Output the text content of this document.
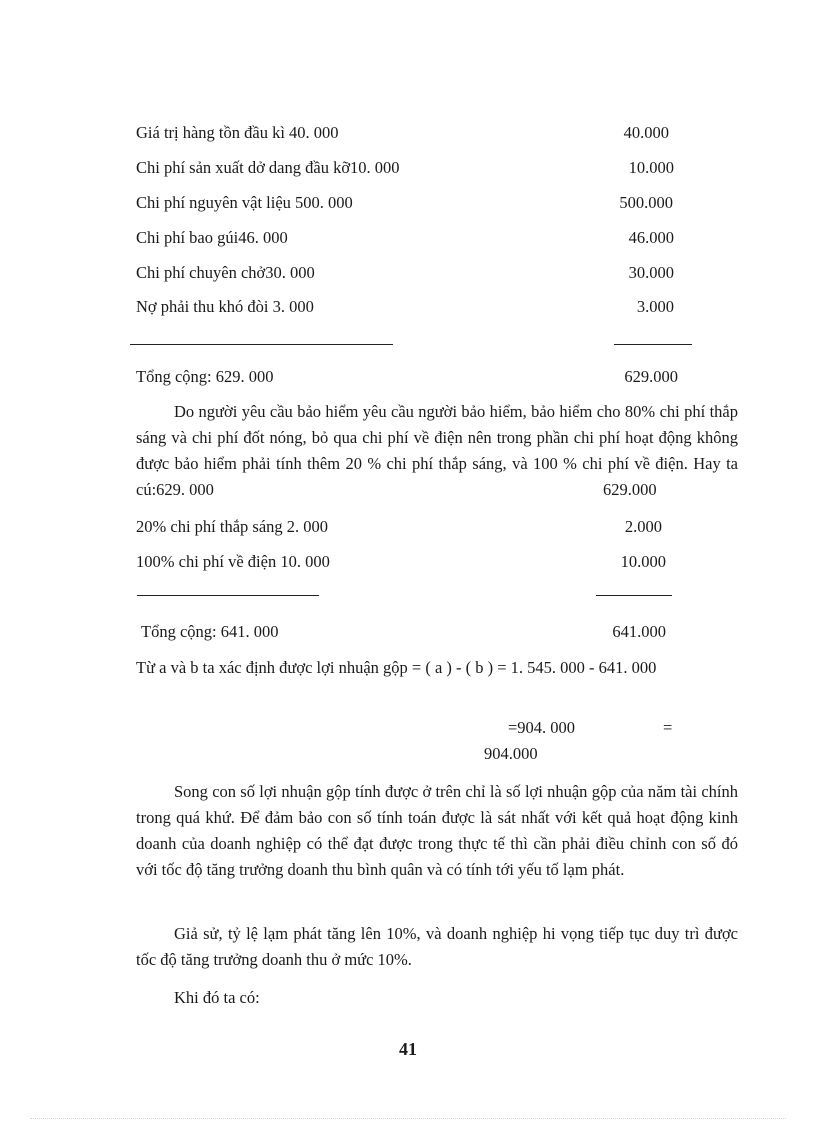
Giá trị hàng tồn đầu kì 40. 000	40.000
Chi phí sản xuất dở dang đầu kỡ10. 000	10.000
Chi phí nguyên vật liệu 500. 000	500.000
Chi phí bao gúi46. 000	46.000
Chi phí chuyên chở30. 000	30.000
Nợ phải thu khó đòi 3. 000	3.000
Tổng cộng: 629. 000	629.000

Do người yêu cầu bảo hiểm yêu cầu người bảo hiểm, bảo hiểm cho 80% chi phí thắp sáng và chi phí đốt nóng, bỏ qua chi phí về điện nên trong phần chi phí hoạt động không được bảo hiểm phải tính thêm 20 % chi phí thắp sáng, và 100 % chi phí về điện. Hay ta cú:629. 000	629.000

20% chi phí thắp sáng 2. 000	2.000
100% chi phí về điện 10. 000	10.000
Tổng cộng: 641. 000	641.000

Từ a và b ta xác định được lợi nhuận gộp = ( a ) - ( b ) = 1. 545. 000 - 641. 000

=904. 000	=
904.000

Song con số lợi nhuận gộp tính được ở trên chỉ là số lợi nhuận gộp của năm tài chính trong quá khứ. Để đảm bảo con số tính toán được là sát nhất với kết quả hoạt động kinh doanh của doanh nghiệp có thể đạt được trong thực tế thì cần phải điều chỉnh con số đó với tốc độ tăng trưởng doanh thu bình quân và có tính tới yếu tố lạm phát.

Giả sử, tỷ lệ lạm phát tăng lên 10%, và doanh nghiệp hi vọng tiếp tục duy trì được tốc độ tăng trưởng doanh thu ở mức 10%.

Khi đó ta có:

41
